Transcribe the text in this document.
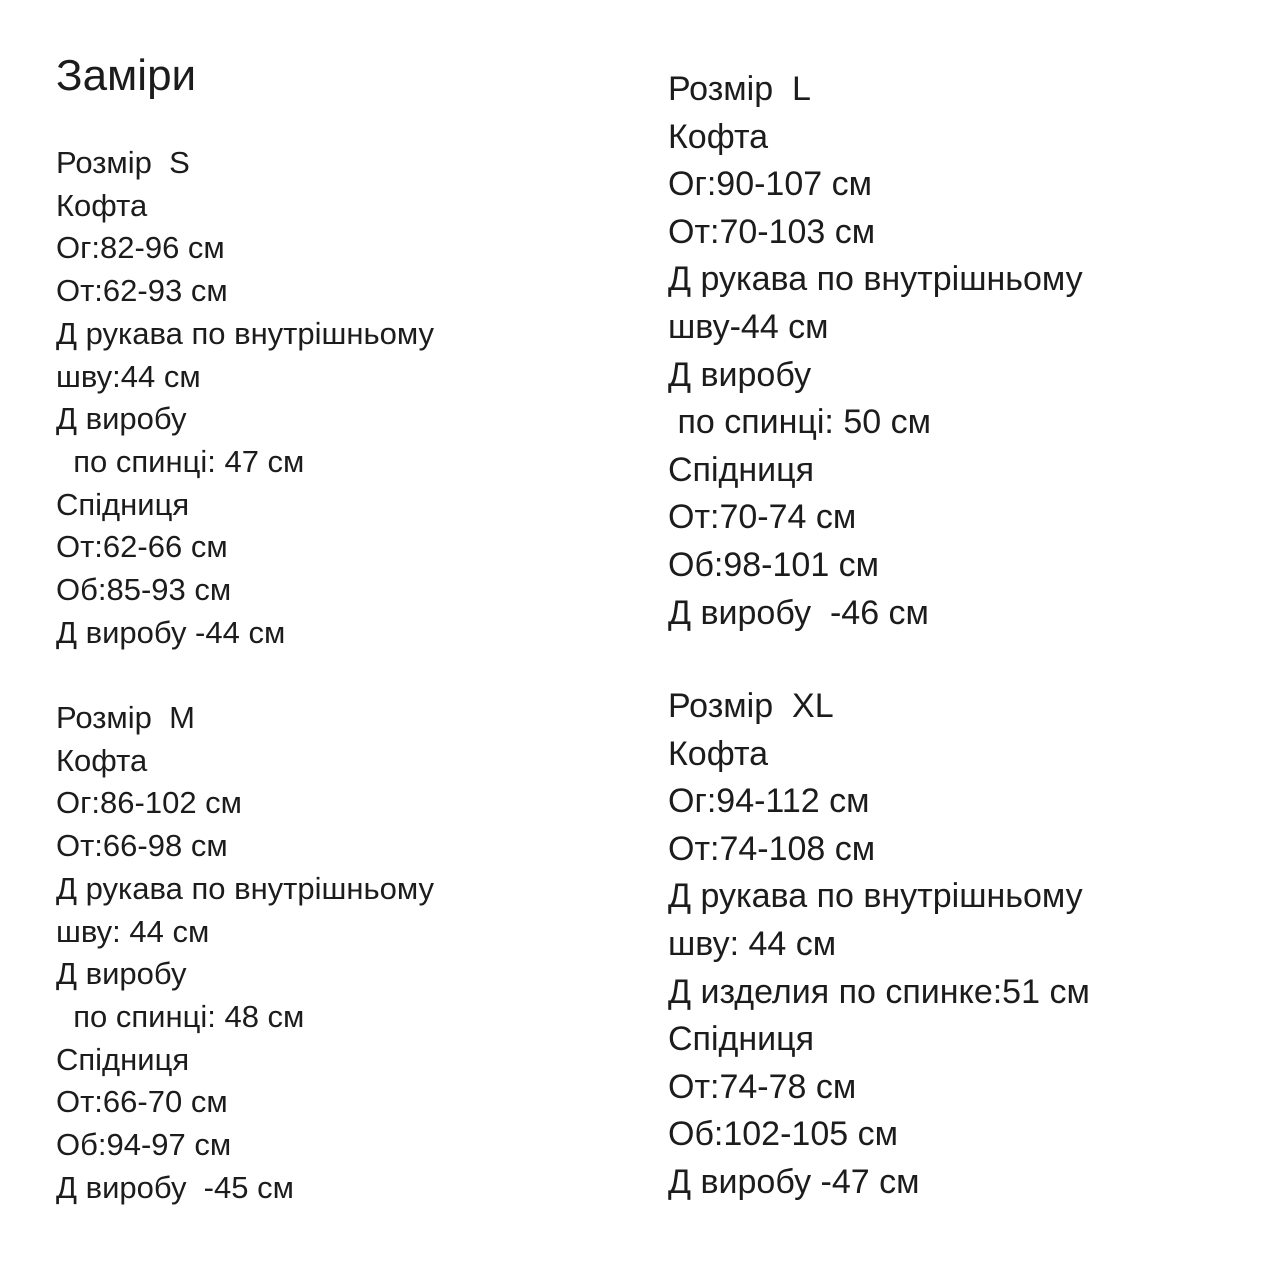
Заміри
Розмір  S
Кофта
Ог:82-96 см
От:62-93 см
Д рукава по внутрішньому
шву:44 см
Д виробу
по спинці: 47 см
Спідниця
От:62-66 см
Об:85-93 см
Д виробу -44 см
Розмір  M
Кофта
Ог:86-102 см
От:66-98 см
Д рукава по внутрішньому
шву: 44 см
Д виробу
по спинці: 48 см
Спідниця
От:66-70 см
Об:94-97 см
Д виробу  -45 см
Розмір  L
Кофта
Ог:90-107 см
От:70-103 см
Д рукава по внутрішньому
шву-44 см
Д виробу
по спинці: 50 см
Спідниця
От:70-74 см
Об:98-101 см
Д виробу  -46 см
Розмір  XL
Кофта
Ог:94-112 см
От:74-108 см
Д рукава по внутрішньому
шву: 44 см
Д изделия по спинке:51 см
Спідниця
От:74-78 см
Об:102-105 см
Д виробу -47 см
